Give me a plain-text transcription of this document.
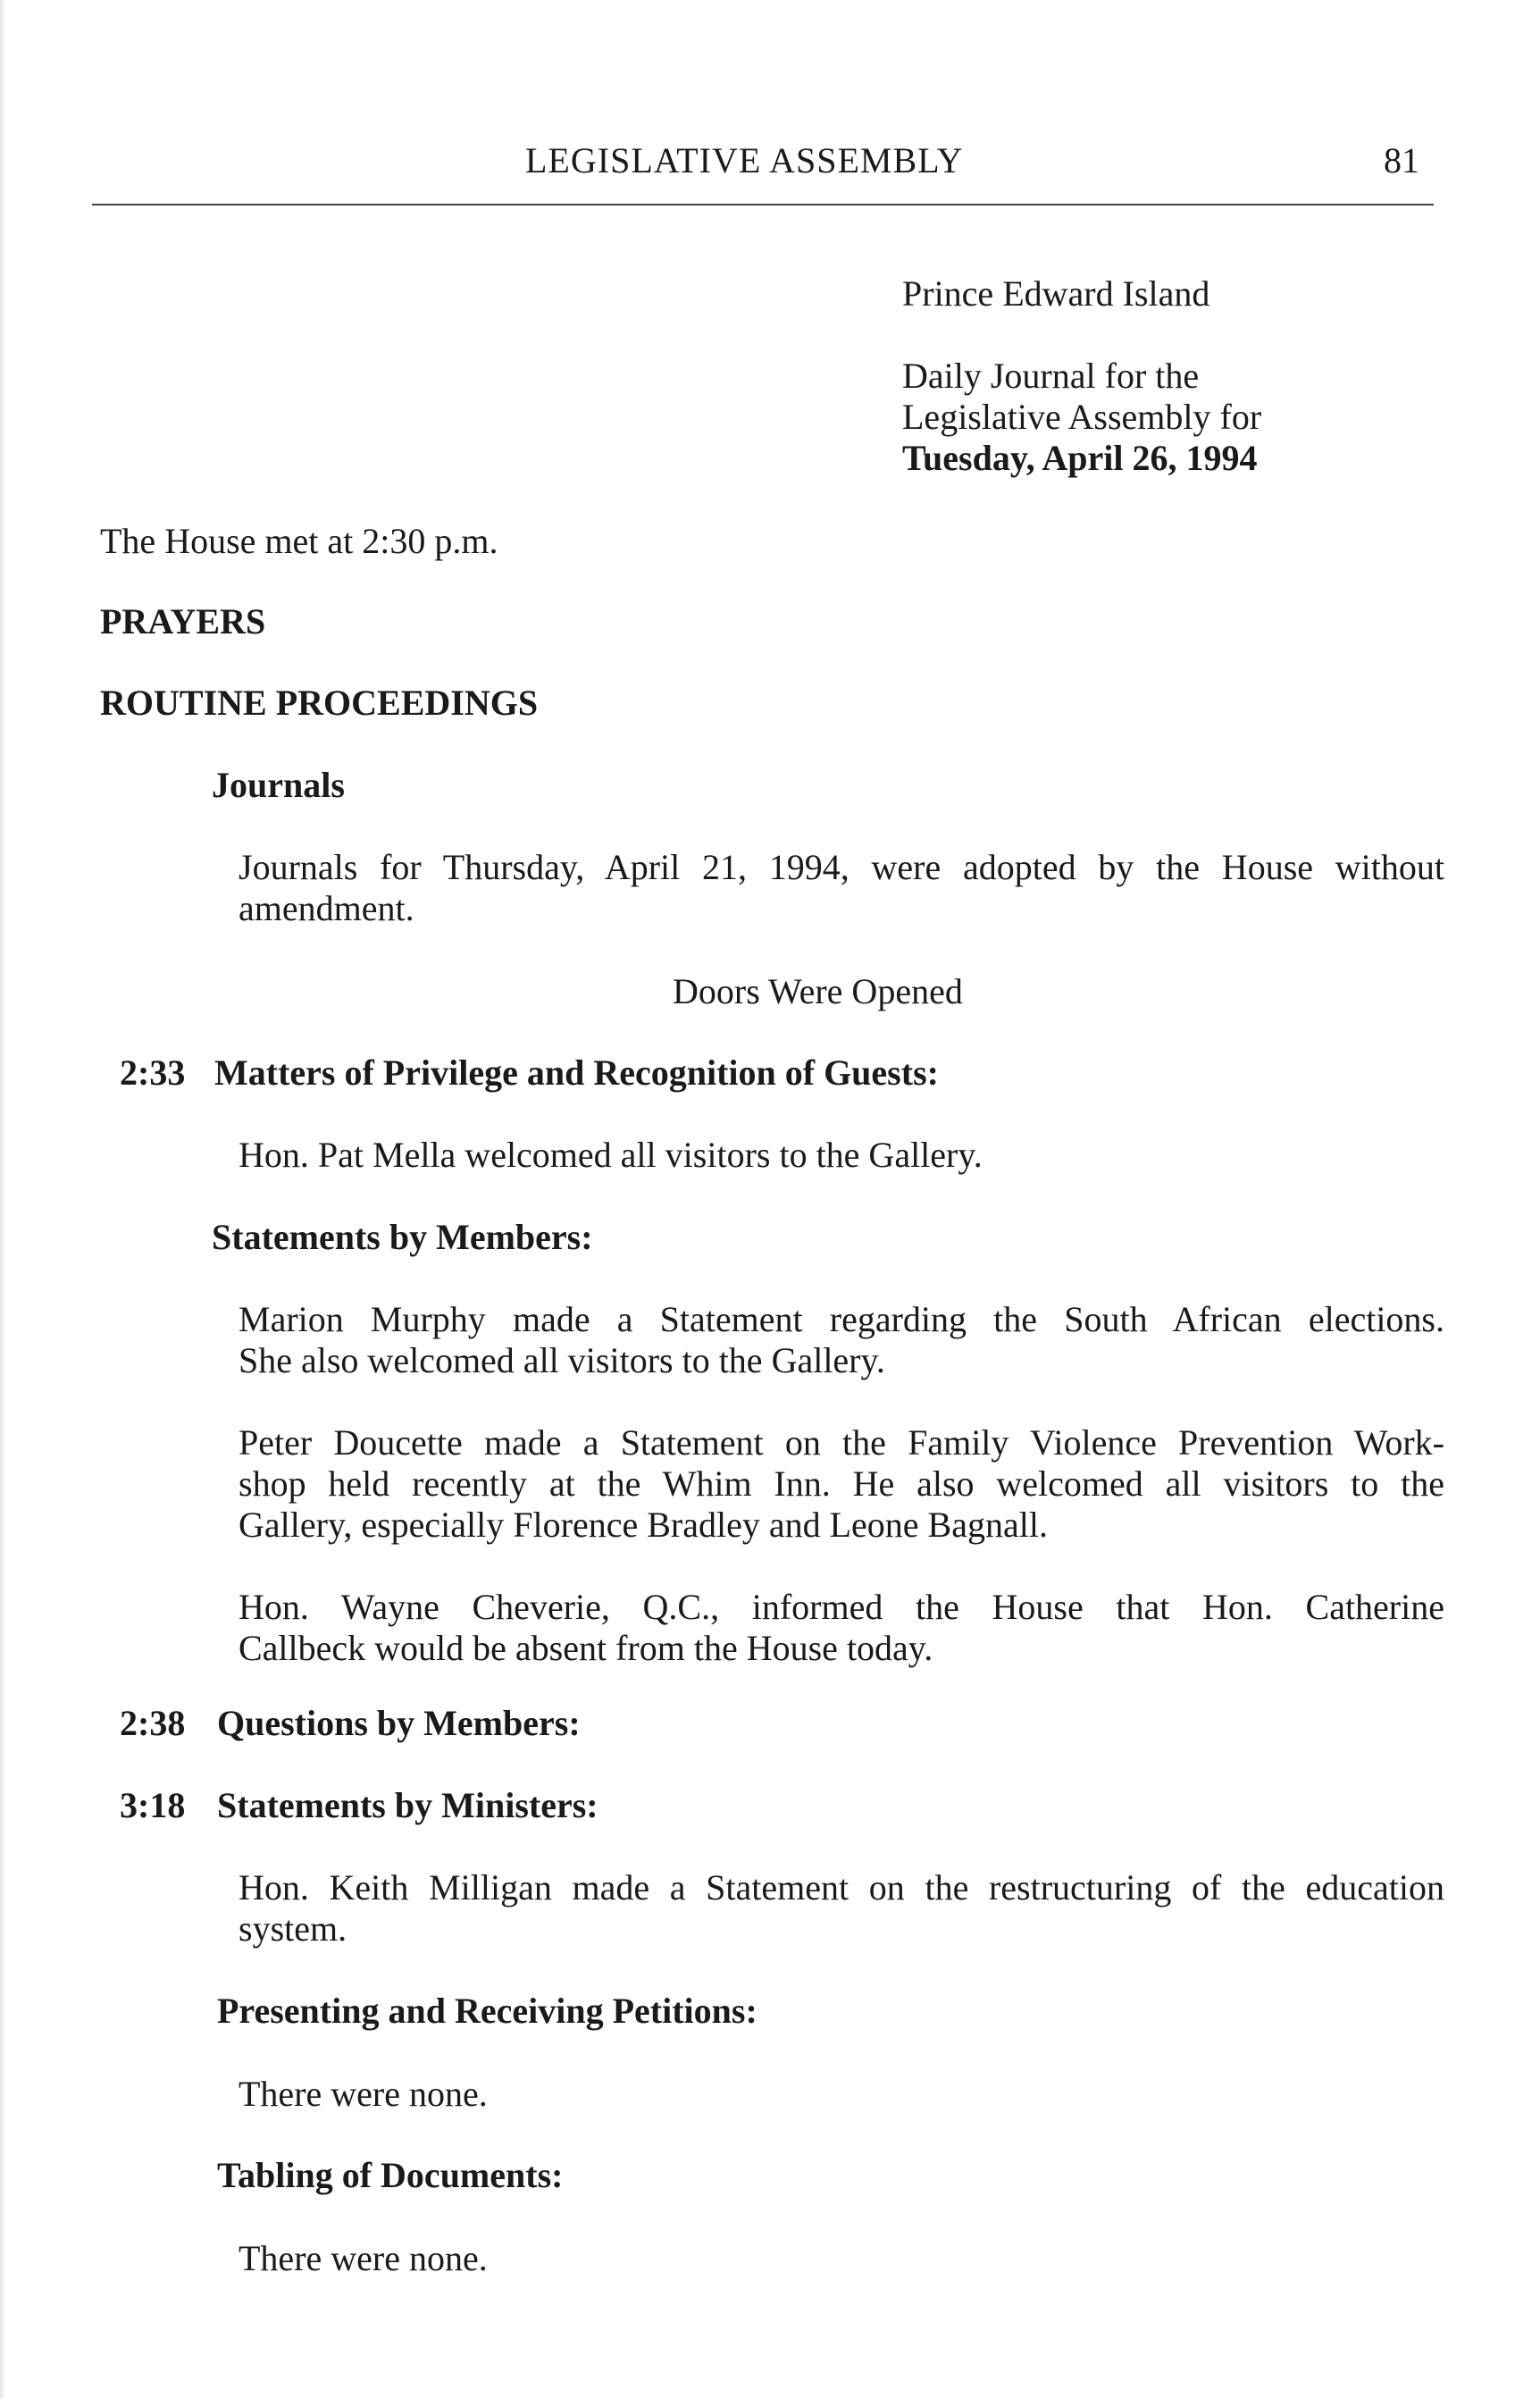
LEGISLATIVE ASSEMBLY	81
Prince Edward Island
Daily Journal for the
Legislative Assembly for
Tuesday, April 26, 1994
The House met at 2:30 p.m.
PRAYERS
ROUTINE PROCEEDINGS
Journals
Journals for Thursday, April 21, 1994, were adopted by the House without
amendment.
Doors Were Opened
2:33 Matters of Privilege and Recognition of Guests:
Hon. Pat Mella welcomed all visitors to the Gallery.
Statements by Members:
Marion Murphy made a Statement regarding the South African elections.
She also welcomed all visitors to the Gallery.
Peter Doucette made a Statement on the Family Violence Prevention Work-
shop held recently at the Whim Inn. He also welcomed all visitors to the
Gallery, especially Florence Bradley and Leone Bagnall.
Hon. Wayne Cheverie, Q.C., informed the House that Hon. Catherine
Callbeck would be absent from the House today.
2:38 Questions by Members:
3:18 Statements by Ministers:
Hon. Keith Milligan made a Statement on the restructuring of the education
system.
Presenting and Receiving Petitions:
There were none.
Tabling of Documents:
There were none.
